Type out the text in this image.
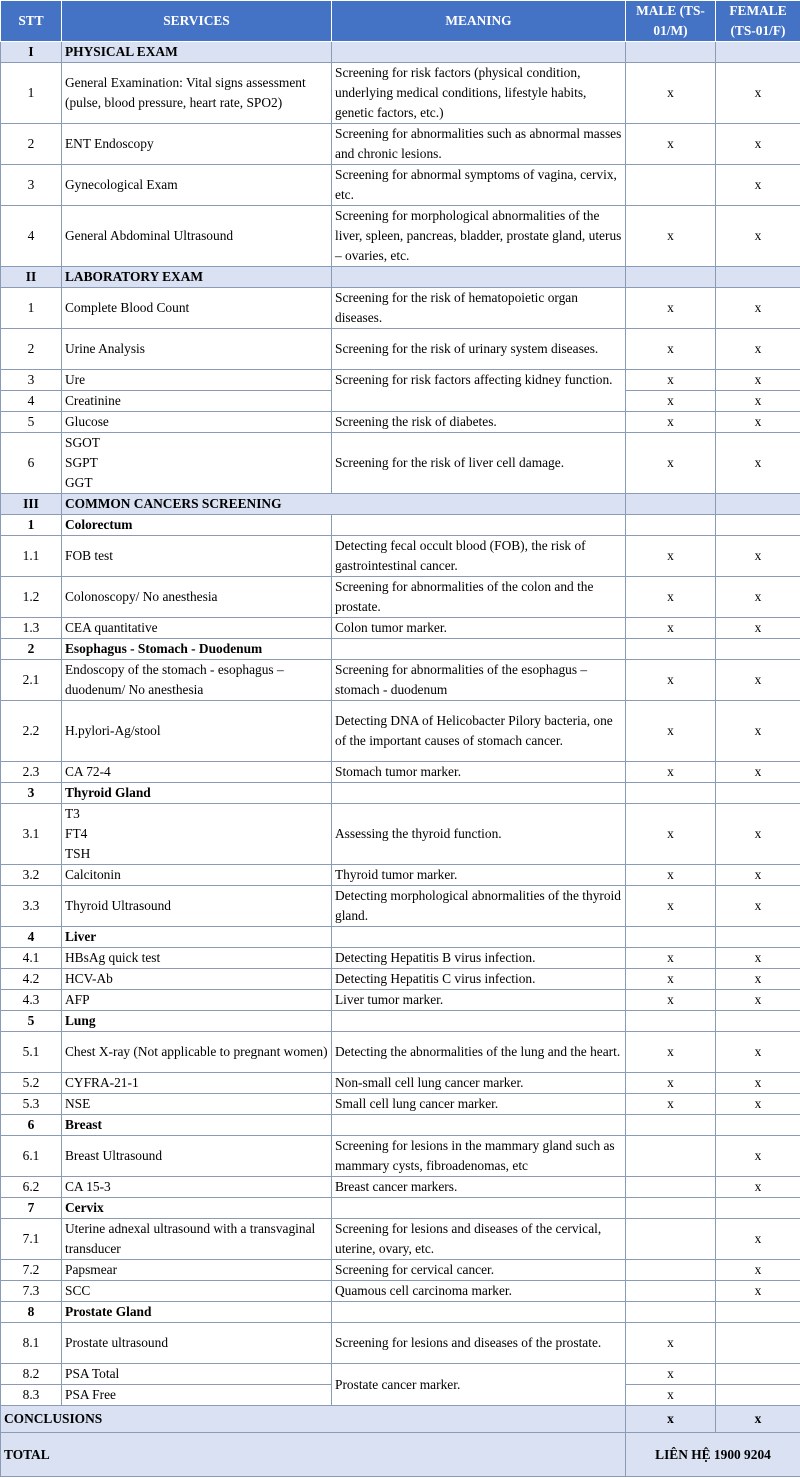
STT	SERVICES	MEANING	MALE (TS-01/M)	FEMALE (TS-01/F)
I	PHYSICAL EXAM			
1	General Examination: Vital signs assessment (pulse, blood pressure, heart rate, SPO2)	Screening for risk factors (physical condition, underlying medical conditions, lifestyle habits, genetic factors, etc.)	x	x
2	ENT Endoscopy	Screening for abnormalities such as abnormal masses and chronic lesions.	x	x
3	Gynecological Exam	Screening for abnormal symptoms of vagina, cervix, etc.		x
4	General Abdominal Ultrasound	Screening for morphological abnormalities of the liver, spleen, pancreas, bladder, prostate gland, uterus – ovaries, etc.	x	x
II	LABORATORY EXAM			
1	Complete Blood Count	Screening for the risk of hematopoietic organ diseases.	x	x
2	Urine Analysis	Screening for the risk of urinary system diseases.	x	x
3	Ure	Screening for risk factors affecting kidney function.	x	x
4	Creatinine		x	x
5	Glucose	Screening the risk of diabetes.	x	x
6	SGOT
SGPT
GGT	Screening for the risk of liver cell damage.	x	x
III	COMMON CANCERS SCREENING			
1	Colorectum			
1.1	FOB test	Detecting fecal occult blood (FOB), the risk of gastrointestinal cancer.	x	x
1.2	Colonoscopy/ No anesthesia	Screening for abnormalities of the colon and the prostate.	x	x
1.3	CEA quantitative	Colon tumor marker.	x	x
2	Esophagus - Stomach - Duodenum			
2.1	Endoscopy of the stomach - esophagus – duodenum/ No anesthesia	Screening for abnormalities of the esophagus – stomach - duodenum	x	x
2.2	H.pylori-Ag/stool	Detecting DNA of Helicobacter Pilory bacteria, one of the important causes of stomach cancer.	x	x
2.3	CA 72-4	Stomach tumor marker.	x	x
3	Thyroid Gland			
3.1	T3
FT4
TSH	Assessing the thyroid function.	x	x
3.2	Calcitonin	Thyroid tumor marker.	x	x
3.3	Thyroid Ultrasound	Detecting morphological abnormalities of the thyroid gland.	x	x
4	Liver			
4.1	HBsAg quick test	Detecting Hepatitis B virus infection.	x	x
4.2	HCV-Ab	Detecting Hepatitis C virus infection.	x	x
4.3	AFP	Liver tumor marker.	x	x
5	Lung			
5.1	Chest X-ray (Not applicable to pregnant women)	Detecting the abnormalities of the lung and the heart.	x	x
5.2	CYFRA-21-1	Non-small cell lung cancer marker.	x	x
5.3	NSE	Small cell lung cancer marker.	x	x
6	Breast			
6.1	Breast Ultrasound	Screening for lesions in the mammary gland such as mammary cysts, fibroadenomas, etc		x
6.2	CA 15-3	Breast cancer markers.		x
7	Cervix			
7.1	Uterine adnexal ultrasound with a transvaginal transducer	Screening for lesions and diseases of the cervical, uterine, ovary, etc.		x
7.2	Papsmear	Screening for cervical cancer.		x
7.3	SCC	Quamous cell carcinoma marker.		x
8	Prostate Gland			
8.1	Prostate ultrasound	Screening for lesions and diseases of the prostate.	x	
8.2	PSA Total	Prostate cancer marker.	x	
8.3	PSA Free		x	
CONCLUSIONS			x	x
TOTAL			LIÊN HỆ 1900 9204	
